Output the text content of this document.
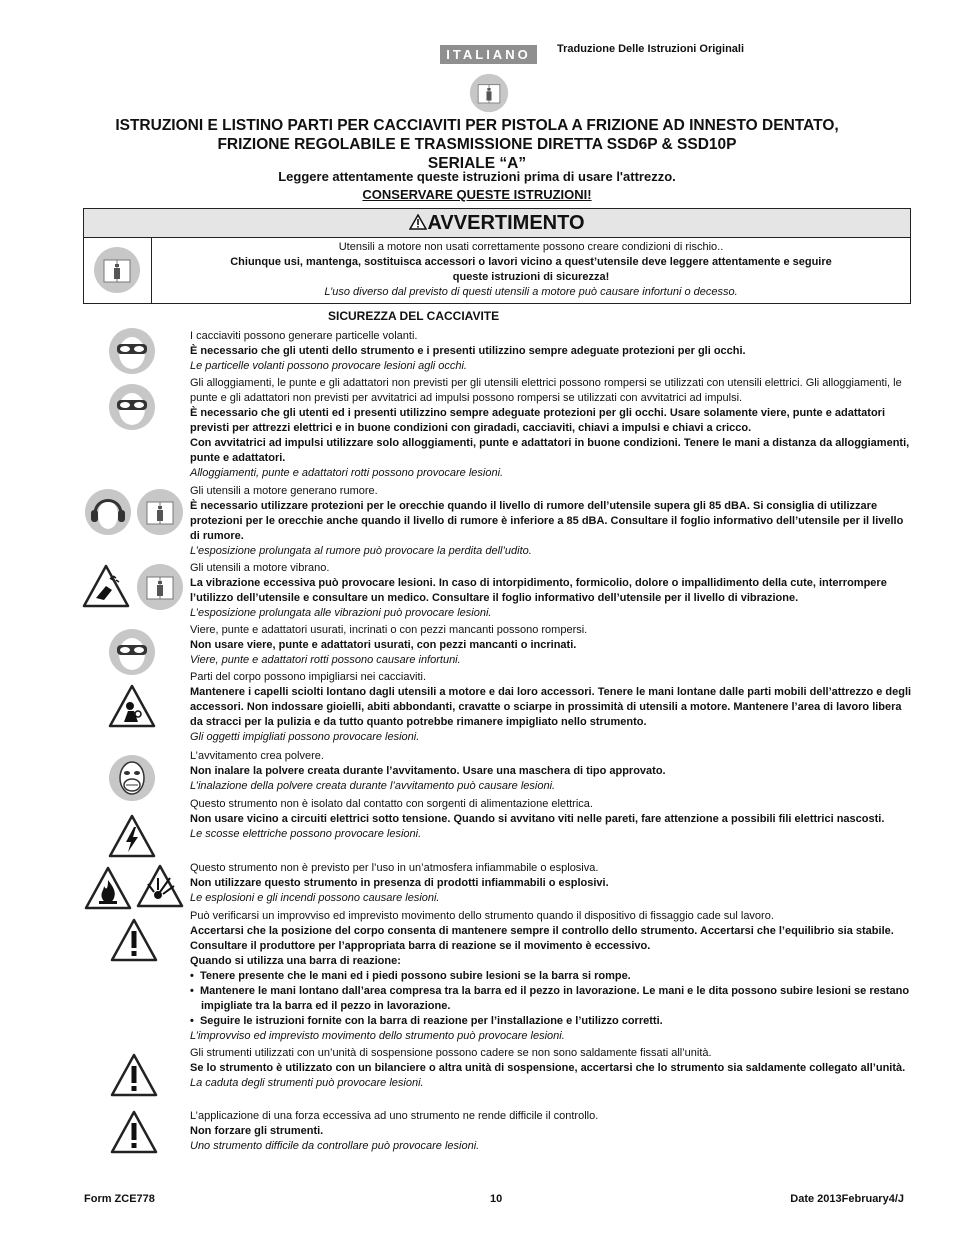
ITALIANO	Traduzione Delle Istruzioni Originali
ISTRUZIONI E LISTINO PARTI PER CACCIAVITI PER PISTOLA A FRIZIONE AD INNESTO DENTATO,
FRIZIONE REGOLABILE E TRASMISSIONE DIRETTA SSD6P & SSD10P
SERIALE “A”
Leggere attentamente queste istruzioni prima di usare l'attrezzo.
CONSERVARE QUESTE ISTRUZIONI!
AVVERTIMENTO
Utensili a motore non usati correttamente possono creare condizioni di rischio..
Chiunque usi, mantenga, sostituisca accessori o lavori vicino a quest’utensile deve leggere attentamente e seguire
queste istruzioni di sicurezza!
L’uso diverso dal previsto di questi utensili a motore può causare infortuni o decesso.
SICUREZZA DEL CACCIAVITE

I cacciaviti possono generare particelle volanti.

È necessario che gli utenti dello strumento e i presenti utilizzino sempre adeguate protezioni per gli occhi.

Le particelle volanti possono provocare lesioni agli occhi.

Gli alloggiamenti, le punte e gli adattatori non previsti per gli utensili elettrici possono rompersi se utilizzati con utensili elettrici. Gli alloggiamenti, le punte e gli adattatori non previsti per avvitatrici ad impulsi possono rompersi se utilizzati con avvitatrici ad impulsi.

È necessario che gli utenti ed i presenti utilizzino sempre adeguate protezioni per gli occhi. Usare solamente viere, punte e adattatori previsti per attrezzi elettrici e in buone condizioni con giradadi, cacciaviti, chiavi a impulsi e chiavi a cricco.

Con avvitatrici ad impulsi utilizzare solo alloggiamenti, punte e adattatori in buone condizioni. Tenere le mani a distanza da alloggiamenti, punte e adattatori.

Alloggiamenti, punte e adattatori rotti possono provocare lesioni.

Gli utensili a motore generano rumore.

È necessario utilizzare protezioni per le orecchie quando il livello di rumore dell’utensile supera gli 85 dBA. Si consiglia di utilizzare protezioni per le orecchie anche quando il livello di rumore è inferiore a 85 dBA. Consultare il foglio informativo dell’utensile per il livello di rumore.

L’esposizione prolungata al rumore può provocare la perdita dell’udito.

Gli utensili a motore vibrano.

La vibrazione eccessiva può provocare lesioni. In caso di intorpidimento, formicolio, dolore o impallidimento della cute, interrompere l’utilizzo dell’utensile e consultare un medico. Consultare il foglio informativo dell’utensile per il livello di vibrazione.

L’esposizione prolungata alle vibrazioni può provocare lesioni.

Viere, punte e adattatori usurati, incrinati o con pezzi mancanti possono rompersi.

Non usare viere, punte e adattatori usurati, con pezzi mancanti o incrinati.

Viere, punte e adattatori rotti possono causare infortuni.

Parti del corpo possono impigliarsi nei cacciaviti.

Mantenere i capelli sciolti lontano dagli utensili a motore e dai loro accessori. Tenere le mani lontane dalle parti mobili dell’attrezzo e degli accessori. Non indossare gioielli, abiti abbondanti, cravatte o sciarpe in prossimità di utensili a motore. Mantenere l’area di lavoro libera da stracci per la pulizia e da tutto quanto potrebbe rimanere impigliato nello strumento.

Gli oggetti impigliati possono provocare lesioni.

L’avvitamento crea polvere.

Non inalare la polvere creata durante l’avvitamento. Usare una maschera di tipo approvato.

L’inalazione della polvere creata durante l’avvitamento può causare lesioni.

Questo strumento non è isolato dal contatto con sorgenti di alimentazione elettrica.

Non usare vicino a circuiti elettrici sotto tensione. Quando si avvitano viti nelle pareti, fare attenzione a possibili fili elettrici nascosti.

Le scosse elettriche possono provocare lesioni.

Questo strumento non è previsto per l’uso in un’atmosfera infiammabile o esplosiva.

Non utilizzare questo strumento in presenza di prodotti infiammabili o esplosivi.

Le esplosioni e gli incendi possono causare lesioni.

Può verificarsi un improvviso ed imprevisto movimento dello strumento quando il dispositivo di fissaggio cade sul lavoro.

Accertarsi che la posizione del corpo consenta di mantenere sempre il controllo dello strumento. Accertarsi che l’equilibrio sia stabile. Consultare il produttore per l’appropriata barra di reazione se il movimento è eccessivo.

Quando si utilizza una barra di reazione:

•  Tenere presente che le mani ed i piedi possono subire lesioni se la barra si rompe.

•  Mantenere le mani lontano dall’area compresa tra la barra ed il pezzo in lavorazione. Le mani e le dita possono subire lesioni se restano impigliate tra la barra ed il pezzo in lavorazione.

•  Seguire le istruzioni fornite con la barra di reazione per l’installazione e l’utilizzo corretti.

L’improvviso ed imprevisto movimento dello strumento può provocare lesioni.

Gli strumenti utilizzati con un’unità di sospensione possono cadere se non sono saldamente fissati all’unità.

Se lo strumento è utilizzato con un bilanciere o altra unità di sospensione, accertarsi che lo strumento sia saldamente collegato all’unità.

La caduta degli strumenti può provocare lesioni.

L’applicazione di una forza eccessiva ad uno strumento ne rende difficile il controllo.

Non forzare gli strumenti.

Uno strumento difficile da controllare può provocare lesioni.

Form ZCE778	10	Date 2013February4/J
